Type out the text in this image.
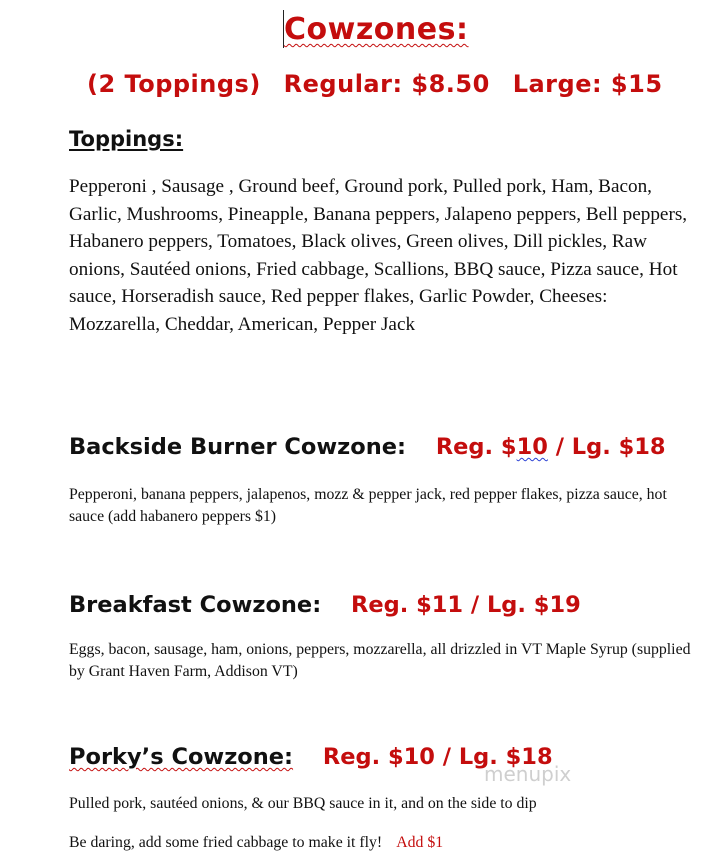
Cowzones:
(2 Toppings) Regular: $8.50 Large: $15
Toppings:
Pepperoni , Sausage , Ground beef, Ground pork, Pulled pork, Ham, Bacon, Garlic, Mushrooms, Pineapple, Banana peppers, Jalapeno peppers, Bell peppers, Habanero peppers, Tomatoes, Black olives, Green olives, Dill pickles, Raw onions, Sautéed onions, Fried cabbage, Scallions, BBQ sauce, Pizza sauce, Hot sauce, Horseradish sauce, Red pepper flakes, Garlic Powder, Cheeses: Mozzarella, Cheddar, American, Pepper Jack
Backside Burner Cowzone: Reg. $10 / Lg. $18
Pepperoni, banana peppers, jalapenos, mozz & pepper jack, red pepper flakes, pizza sauce, hot sauce (add habanero peppers $1)
Breakfast Cowzone: Reg. $11 / Lg. $19
Eggs, bacon, sausage, ham, onions, peppers, mozzarella, all drizzled in VT Maple Syrup (supplied by Grant Haven Farm, Addison VT)
Porky’s Cowzone: Reg. $10 / Lg. $18
Pulled pork, sautéed onions, & our BBQ sauce in it, and on the side to dip
Be daring, add some fried cabbage to make it fly! Add $1
menupix
